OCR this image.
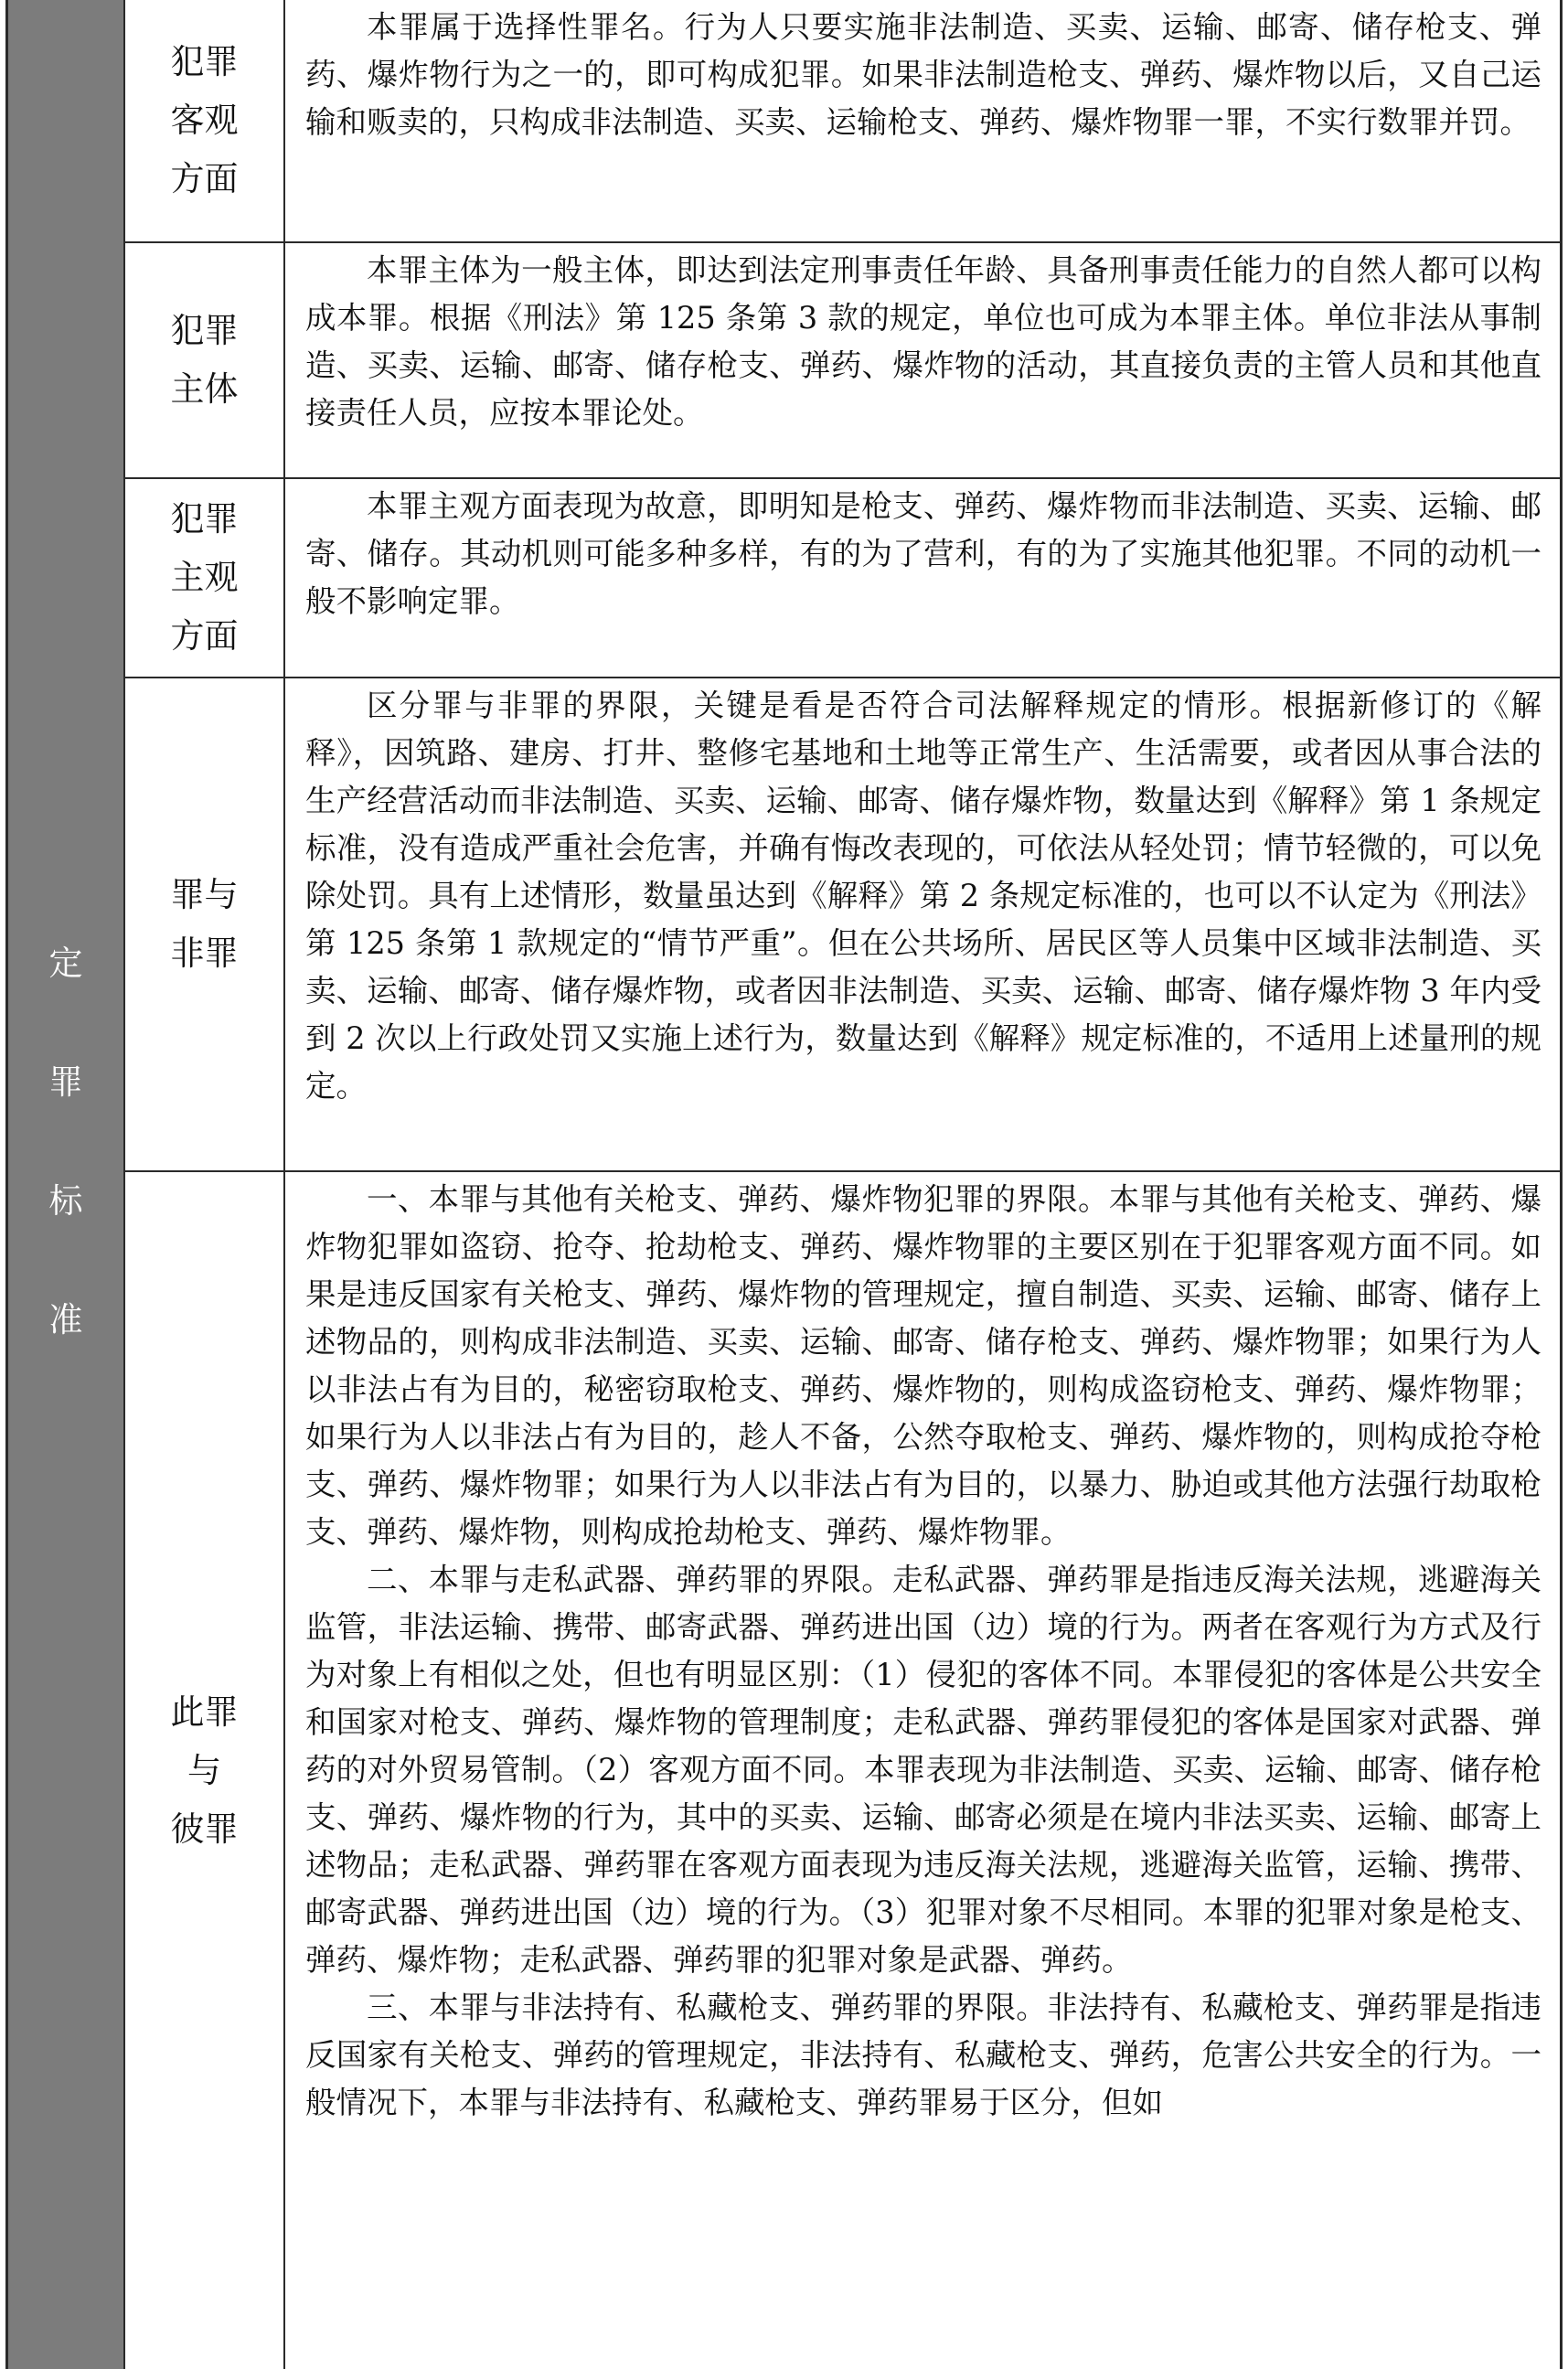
定
罪
标
准
犯罪
客观
方面

本罪属于选择性罪名。行为人只要实施非法制造、买卖、运输、邮寄、储存枪支、弹药、爆炸物行为之一的，即可构成犯罪。如果非法制造枪支、弹药、爆炸物以后，又自己运输和贩卖的，只构成非法制造、买卖、运输枪支、弹药、爆炸物罪一罪，不实行数罪并罚。

犯罪
主体

本罪主体为一般主体，即达到法定刑事责任年龄、具备刑事责任能力的自然人都可以构成本罪。根据《刑法》第 125 条第 3 款的规定，单位也可成为本罪主体。单位非法从事制造、买卖、运输、邮寄、储存枪支、弹药、爆炸物的活动，其直接负责的主管人员和其他直接责任人员，应按本罪论处。

犯罪
主观
方面

本罪主观方面表现为故意，即明知是枪支、弹药、爆炸物而非法制造、买卖、运输、邮寄、储存。其动机则可能多种多样，有的为了营利，有的为了实施其他犯罪。不同的动机一般不影响定罪。

罪与
非罪

区分罪与非罪的界限，关键是看是否符合司法解释规定的情形。根据新修订的《解释》，因筑路、建房、打井、整修宅基地和土地等正常生产、生活需要，或者因从事合法的生产经营活动而非法制造、买卖、运输、邮寄、储存爆炸物，数量达到《解释》第 1 条规定标准，没有造成严重社会危害，并确有悔改表现的，可依法从轻处罚；情节轻微的，可以免除处罚。具有上述情形，数量虽达到《解释》第 2 条规定标准的，也可以不认定为《刑法》第 125 条第 1 款规定的“情节严重”。但在公共场所、居民区等人员集中区域非法制造、买卖、运输、邮寄、储存爆炸物，或者因非法制造、买卖、运输、邮寄、储存爆炸物 3 年内受到 2 次以上行政处罚又实施上述行为，数量达到《解释》规定标准的，不适用上述量刑的规定。

此罪
与
彼罪

一、本罪与其他有关枪支、弹药、爆炸物犯罪的界限。本罪与其他有关枪支、弹药、爆炸物犯罪如盗窃、抢夺、抢劫枪支、弹药、爆炸物罪的主要区别在于犯罪客观方面不同。如果是违反国家有关枪支、弹药、爆炸物的管理规定，擅自制造、买卖、运输、邮寄、储存上述物品的，则构成非法制造、买卖、运输、邮寄、储存枪支、弹药、爆炸物罪；如果行为人以非法占有为目的，秘密窃取枪支、弹药、爆炸物的，则构成盗窃枪支、弹药、爆炸物罪；如果行为人以非法占有为目的，趁人不备，公然夺取枪支、弹药、爆炸物的，则构成抢夺枪支、弹药、爆炸物罪；如果行为人以非法占有为目的，以暴力、胁迫或其他方法强行劫取枪支、弹药、爆炸物，则构成抢劫枪支、弹药、爆炸物罪。

二、本罪与走私武器、弹药罪的界限。走私武器、弹药罪是指违反海关法规，逃避海关监管，非法运输、携带、邮寄武器、弹药进出国（边）境的行为。两者在客观行为方式及行为对象上有相似之处，但也有明显区别：（1）侵犯的客体不同。本罪侵犯的客体是公共安全和国家对枪支、弹药、爆炸物的管理制度；走私武器、弹药罪侵犯的客体是国家对武器、弹药的对外贸易管制。（2）客观方面不同。本罪表现为非法制造、买卖、运输、邮寄、储存枪支、弹药、爆炸物的行为，其中的买卖、运输、邮寄必须是在境内非法买卖、运输、邮寄上述物品；走私武器、弹药罪在客观方面表现为违反海关法规，逃避海关监管，运输、携带、邮寄武器、弹药进出国（边）境的行为。（3）犯罪对象不尽相同。本罪的犯罪对象是枪支、弹药、爆炸物；走私武器、弹药罪的犯罪对象是武器、弹药。

三、本罪与非法持有、私藏枪支、弹药罪的界限。非法持有、私藏枪支、弹药罪是指违反国家有关枪支、弹药的管理规定，非法持有、私藏枪支、弹药，危害公共安全的行为。一般情况下，本罪与非法持有、私藏枪支、弹药罪易于区分，但如
